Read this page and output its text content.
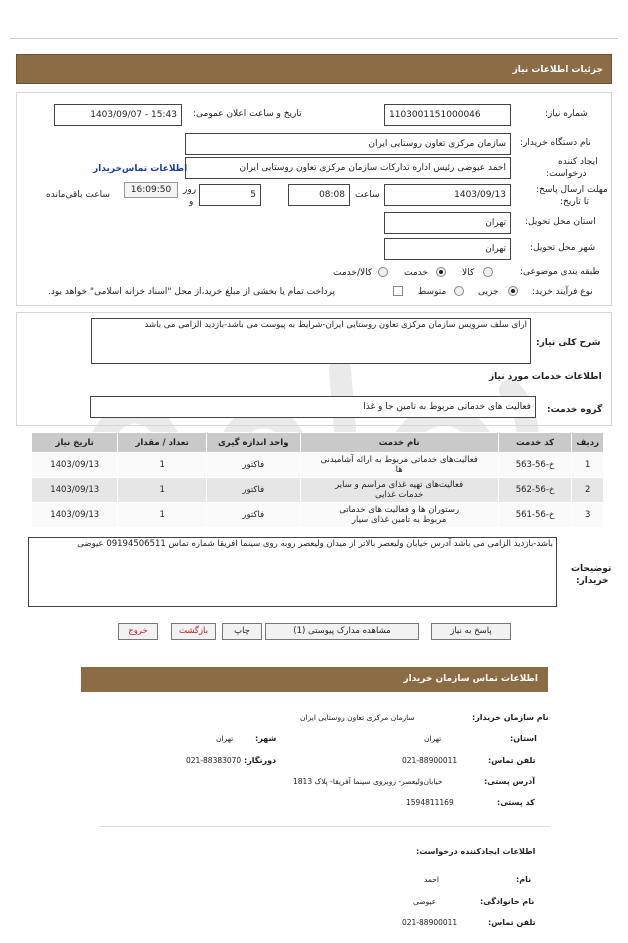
جزئیات اطلاعات نیاز
شماره نیاز:
1103001151000046
تاریخ و ساعت اعلان عمومی:
1403/09/07 - 15:43
نام دستگاه خریدار:
سازمان مرکزی تعاون روستایی ایران
ایجاد کننده
درخواست:
احمد عیوضی رئیس اداره تدارکات سازمان مرکزی تعاون روستایی ایران
اطلاعات تماس‌خریدار
مهلت ارسال پاسخ:
تا تاریخ:
1403/09/13
ساعت
08:08
5
روز
و
16:09:50
ساعت باقی‌مانده
استان محل تحویل:
تهران
شهر محل تحویل:
تهران
طبقه بندی موضوعی:
کالا
خدمت
کالا/خدمت
نوع فرآیند خرید:
جزیی
متوسط
پرداخت تمام یا بخشی از مبلغ خرید،از محل "اسناد خزانه اسلامی" خواهد بود.
شرح کلی نیاز:
ارای سلف سرویس سازمان مرکزی تعاون روستایی ایران-شرایط به پیوست می باشد-بازدید الزامی می باشد
اطلاعات خدمات مورد نیاز
گروه خدمت:
فعالیت های خدماتی مربوط به تامین جا و غذا
ردیف	کد خدمت	نام خدمت	واحد اندازه گیری	تعداد / مقدار	تاریخ نیاز
1	خ-56-563	فعالیت‌های خدماتی مربوط به ارائه آشامیدنی
ها	فاکتور	1	1403/09/13
2	خ-56-562	فعالیت‌های تهیه غذای مراسم و سایر
خدمات غذایی	فاکتور	1	1403/09/13
3	خ-56-561	رستوران ها و فعالیت های خدماتی
مربوط به تامین غذای سیار	فاکتور	1	1403/09/13
توضیحات
خریدار:
باشد-بازدید الزامی می باشد آدرس خیابان ولیعصر بالاتر از میدان ولیعصر روبه روی سینما افریقا شماره تماس 09194506511 عیوضی
پاسخ به نیاز
مشاهده مدارک پیوستی (1)
چاپ
بازگشت
خروج
اطلاعات تماس سازمان خریدار
نام سازمان خریدار:
سازمان مرکزی تعاون روستایی ایران
استان:
تهران
شهر:
تهران
تلفن تماس:
021-88900011
دورنگار:
021-88383070
آدرس پستی:
خیابان‌ولیعصر- روبروی سینما آفریقا- پلاک 1813
کد پستی:
1594811169
اطلاعات ایجادکننده درخواست:
نام:
احمد
نام خانوادگی:
عیوضی
تلفن تماس:
021-88900011
